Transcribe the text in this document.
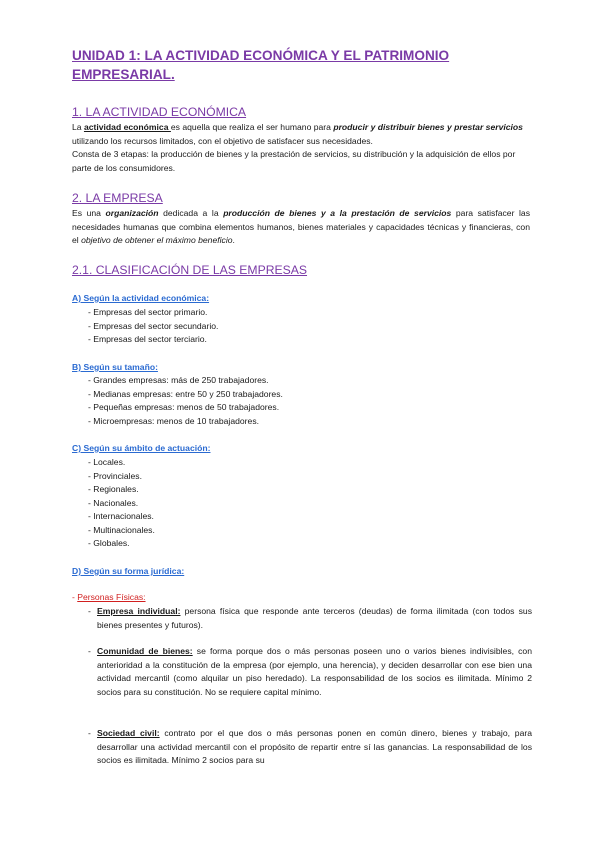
UNIDAD 1: LA ACTIVIDAD ECONÓMICA Y EL PATRIMONIO EMPRESARIAL.
1. LA ACTIVIDAD ECONÓMICA
La actividad económica es aquella que realiza el ser humano para producir y distribuir bienes y prestar servicios utilizando los recursos limitados, con el objetivo de satisfacer sus necesidades.
Consta de 3 etapas: la producción de bienes y la prestación de servicios, su distribución y la adquisición de ellos por parte de los consumidores.
2. LA EMPRESA
Es una organización dedicada a la producción de bienes y a la prestación de servicios para satisfacer las necesidades humanas que combina elementos humanos, bienes materiales y capacidades técnicas y financieras, con el objetivo de obtener el máximo beneficio.
2.1. CLASIFICACIÓN DE LAS EMPRESAS
A) Según la actividad económica:
- Empresas del sector primario.
- Empresas del sector secundario.
- Empresas del sector terciario.
B) Según su tamaño:
- Grandes empresas: más de 250 trabajadores.
- Medianas empresas: entre 50 y 250 trabajadores.
- Pequeñas empresas: menos de 50 trabajadores.
- Microempresas: menos de 10 trabajadores.
C) Según su ámbito de actuación:
- Locales.
- Provinciales.
- Regionales.
- Nacionales.
- Internacionales.
- Multinacionales.
- Globales.
D) Según su forma jurídica:
- Personas Físicas:
- Empresa individual: persona física que responde ante terceros (deudas) de forma ilimitada (con todos sus bienes presentes y futuros).
- Comunidad de bienes: se forma porque dos o más personas poseen uno o varios bienes indivisibles, con anterioridad a la constitución de la empresa (por ejemplo, una herencia), y deciden desarrollar con ese bien una actividad mercantil (como alquilar un piso heredado). La responsabilidad de los socios es ilimitada. Mínimo 2 socios para su constitución. No se requiere capital mínimo.
- Sociedad civil: contrato por el que dos o más personas ponen en común dinero, bienes y trabajo, para desarrollar una actividad mercantil con el propósito de repartir entre sí las ganancias. La responsabilidad de los socios es ilimitada. Mínimo 2 socios para su
